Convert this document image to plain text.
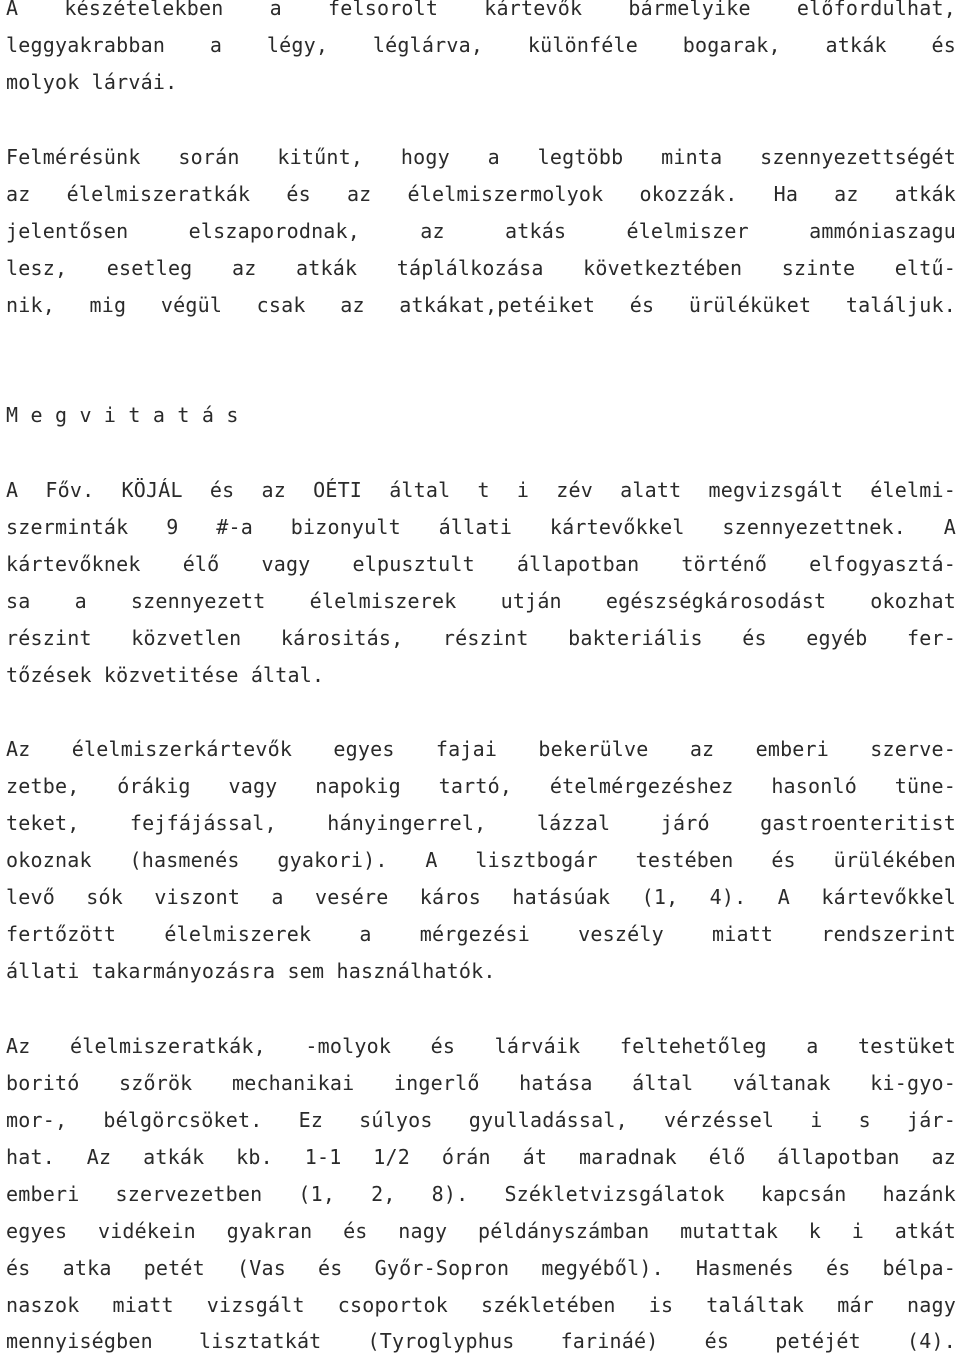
A készételekben a felsorolt kártevők bármelyike előfordulhat,
leggyakrabban a légy, léglárva, különféle bogarak, atkák és
molyok lárvái.
Felmérésünk során kitűnt, hogy a legtöbb minta szennyezettségét
az élelmiszeratkák és az élelmiszermolyok okozzák. Ha az atkák
jelentősen elszaporodnak, az atkás élelmiszer ammóniaszagu
lesz, esetleg az atkák táplálkozása következtében szinte eltű-
nik, mig végül csak az atkákat,petéiket és ürüléküket találjuk.
M e g v i t a t á s
A Főv. KÖJÁL és az OÉTI által t i zév alatt megvizsgált élelmi-
szerminták 9 #-a bizonyult állati kártevőkkel szennyezettnek. A
kártevőknek élő vagy elpusztult állapotban történő elfogyasztá-
sa a szennyezett élelmiszerek utján egészségkárosodást okozhat
részint közvetlen kárositás, részint bakteriális és egyéb fer-
tőzések közvetitése által.
Az élelmiszerkártevők egyes fajai bekerülve az emberi szerve-
zetbe, órákig vagy napokig tartó, ételmérgezéshez hasonló tüne-
teket, fejfájással, hányingerrel, lázzal járó gastroenteritist
okoznak (hasmenés gyakori). A lisztbogár testében és ürülékében
levő sók viszont a vesére káros hatásúak (1, 4). A kártevőkkel
fertőzött élelmiszerek a mérgezési veszély miatt rendszerint
állati takarmányozásra sem használhatók.
Az élelmiszeratkák, -molyok és lárváik feltehetőleg a testüket
boritó szőrök mechanikai ingerlő hatása által váltanak ki-gyo-
mor-, bélgörcsöket. Ez súlyos gyulladással, vérzéssel i s jár-
hat. Az atkák kb. 1-1 1/2 órán át maradnak élő állapotban az
emberi szervezetben (1, 2, 8). Székletvizsgálatok kapcsán hazánk
egyes vidékein gyakran és nagy példányszámban mutattak k i atkát
és atka petét (Vas és Győr-Sopron megyéből). Hasmenés és bélpa-
naszok miatt vizsgált csoportok székletében is találtak már nagy
mennyiségben lisztatkát (Tyroglyphus farináé) és petéjét (4).
